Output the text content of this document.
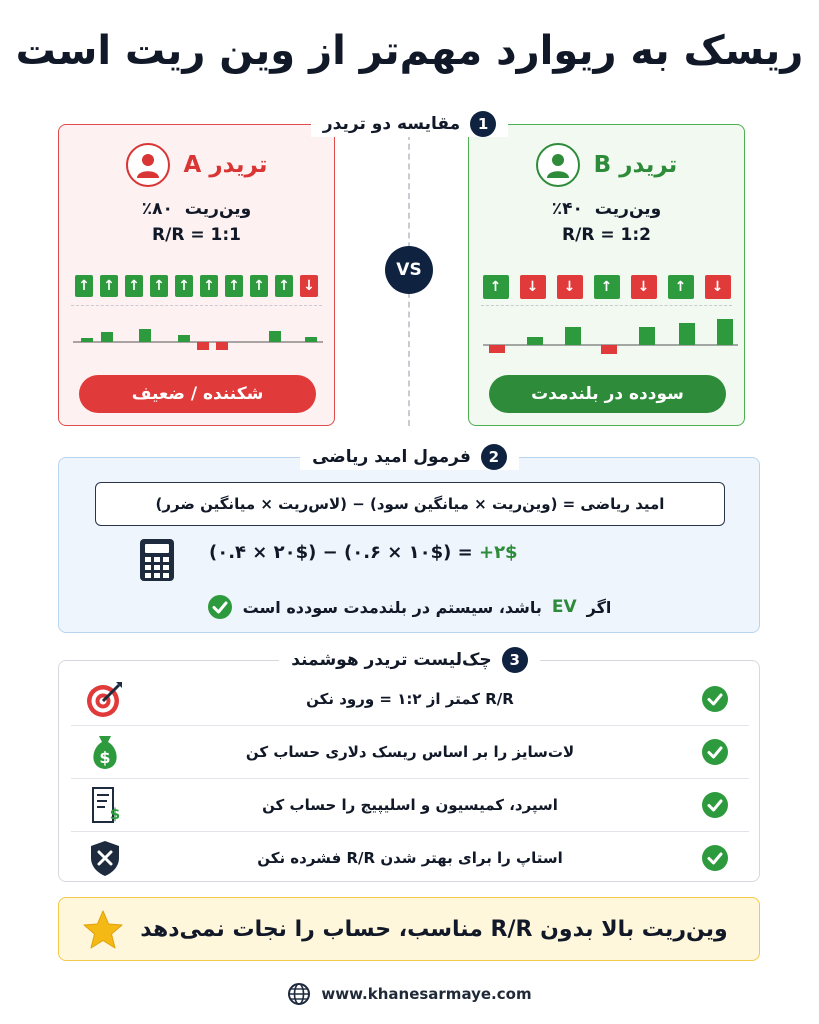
ریسک به ریوارد مهم‌تر از وین ریت است
1
مقایسه دو تریدر
VS
تریدر A
وین‌ریت  ۸۰٪
R/R = 1:1
↑ ↑ ↑ ↑ ↑ ↑ ↑ ↑ ↑ ↓
شکننده / ضعیف
تریدر B
وین‌ریت  ۴۰٪
R/R = 1:2
↑	↓	↓	↑	↓	↑	↓
سودده در بلندمدت
امید ریاضی = (وین‌ریت × میانگین سود) − (لاس‌ریت × میانگین ضرر)
(۰.۴ × ۲۰$) − (۰.۶ × ۱۰$) = +۲$
اگر
EV
باشد، سیستم در بلندمدت سودده است
2
فرمول امید ریاضی
R/R کمتر از ۱:۲ = ورود نکن
$	لات‌سایز را بر اساس ریسک دلاری حساب کن
$	اسپرد، کمیسیون و اسلیپیج را حساب کن
استاپ را برای بهتر شدن R/R فشرده نکن
3
چک‌لیست تریدر هوشمند
وین‌ریت بالا بدون R/R مناسب، حساب را نجات نمی‌دهد
www.khanesarmaye.com
